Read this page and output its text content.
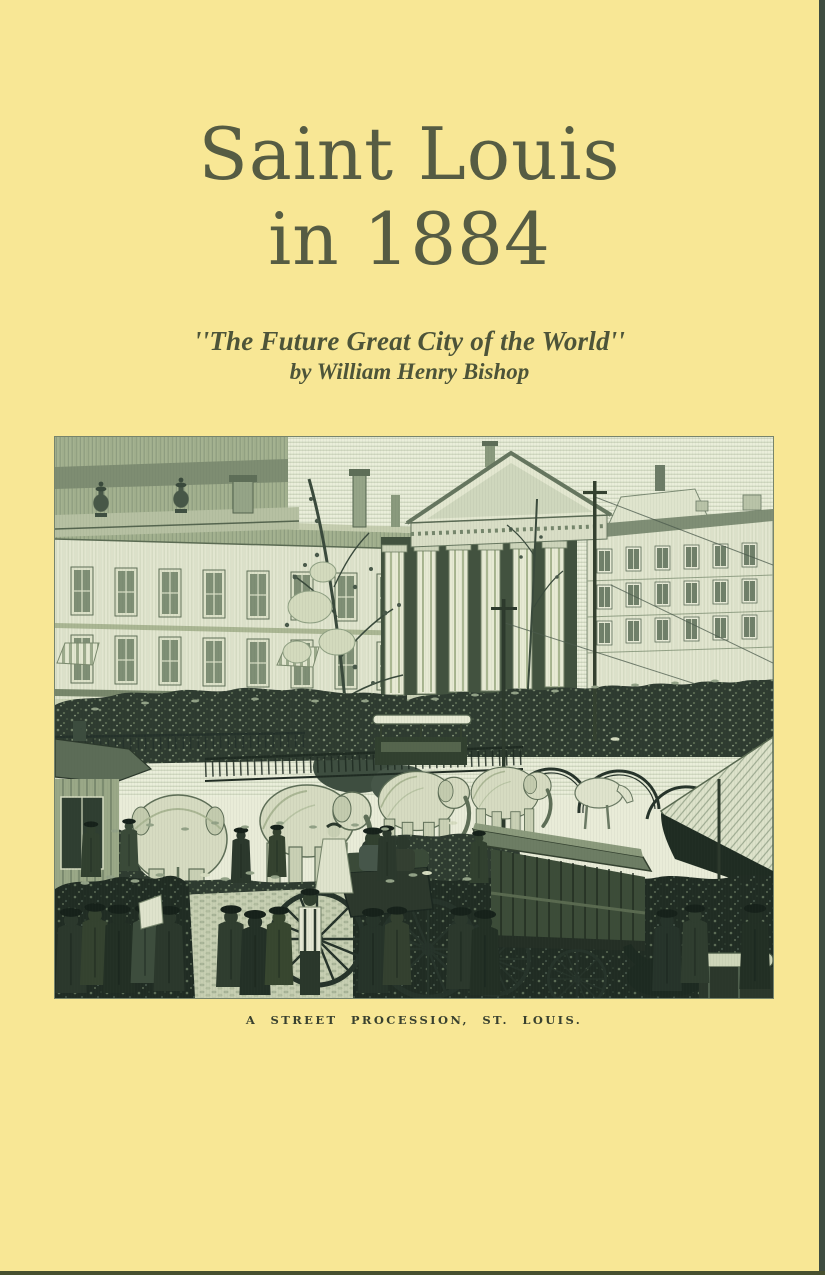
Saint Louis
in 1884
''The Future Great City of the World''
by William Henry Bishop
A STREET PROCESSION, ST. LOUIS.
